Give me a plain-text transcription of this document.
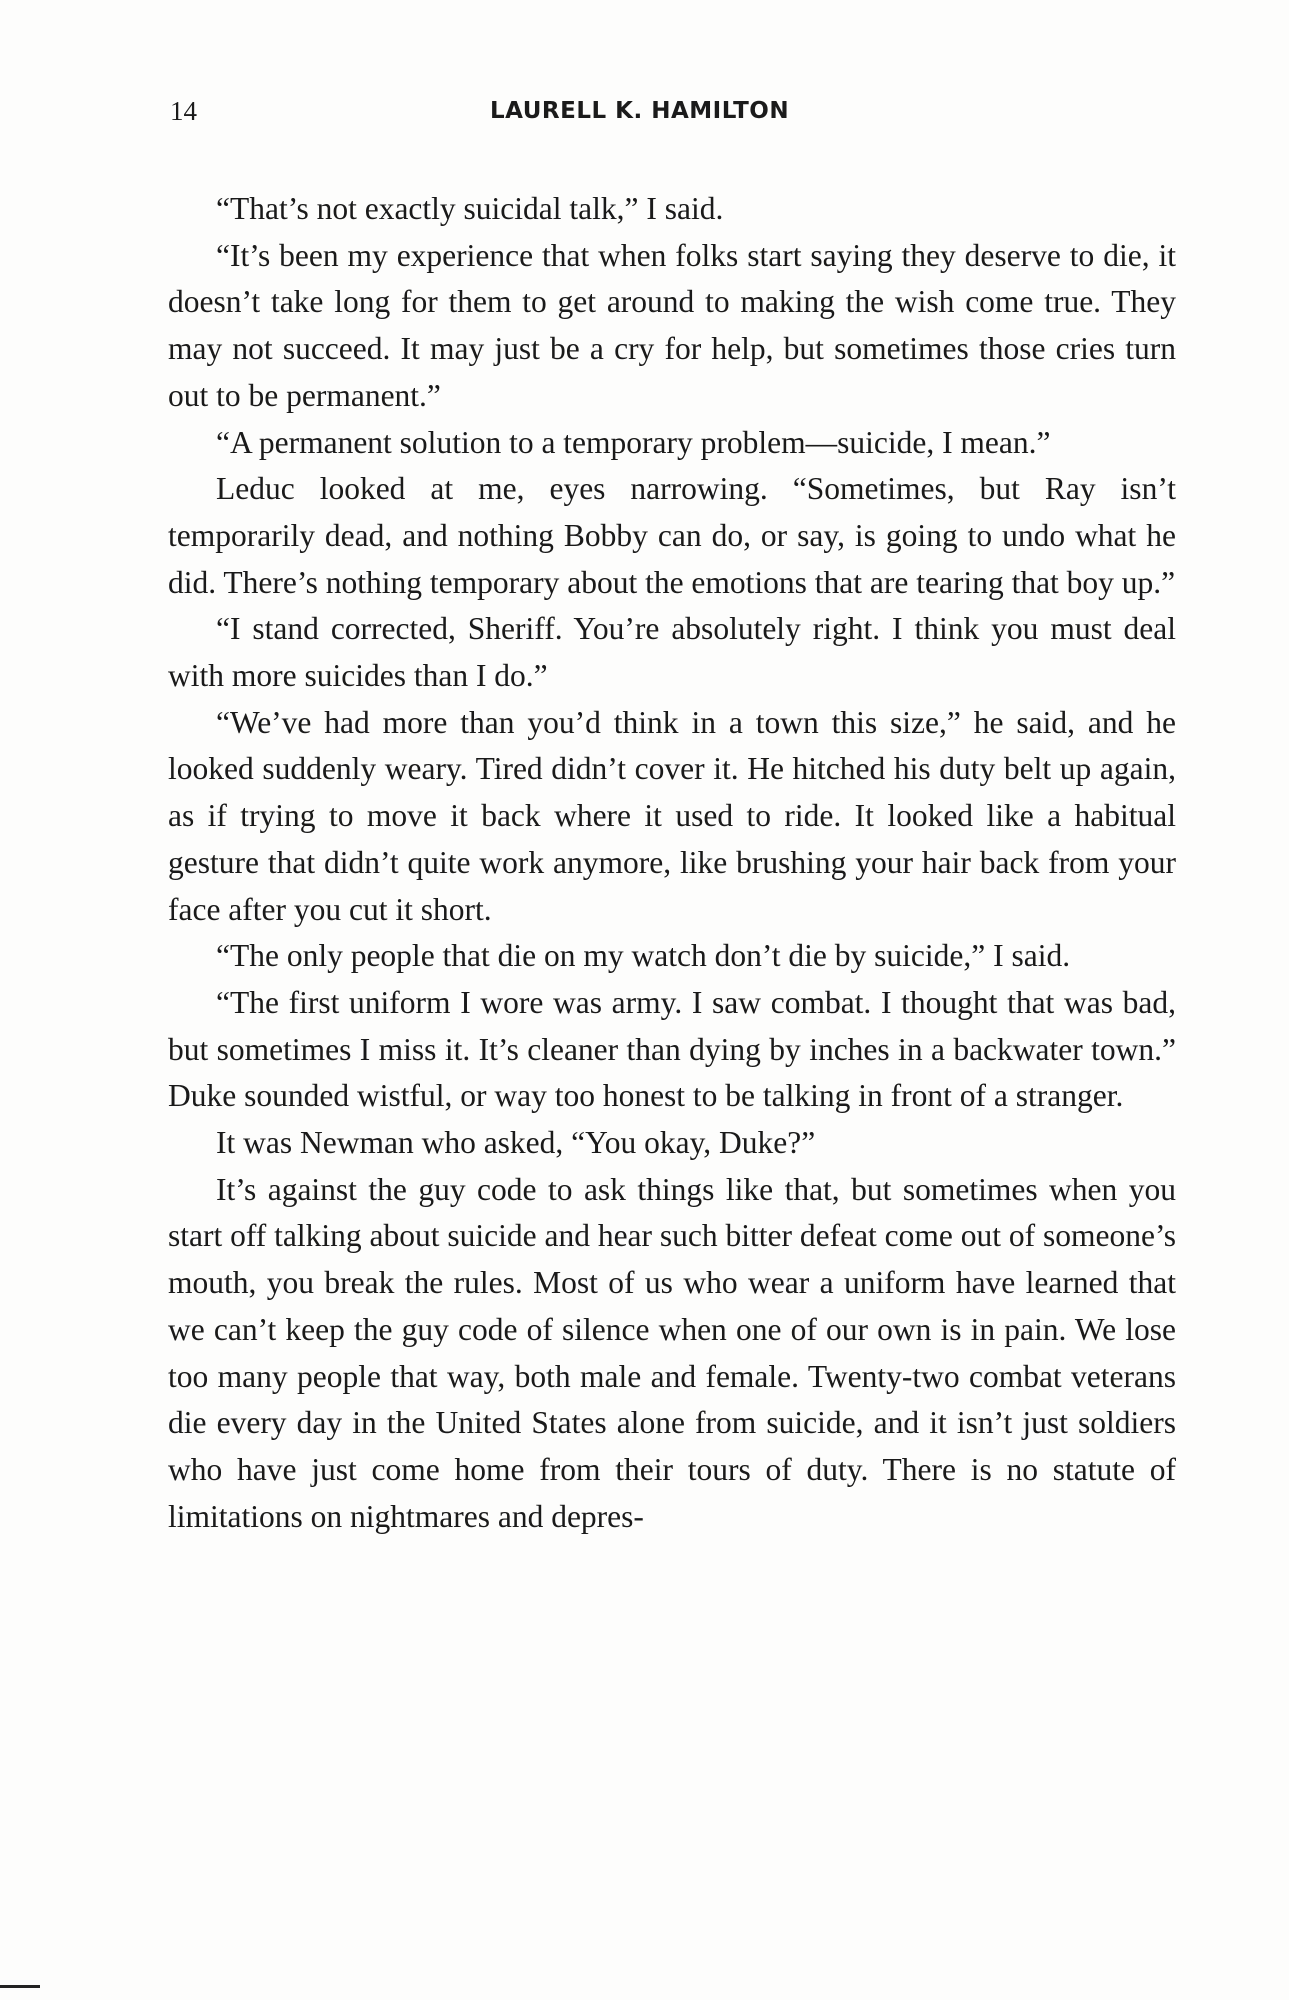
14	LAURELL K. HAMILTON

“That’s not exactly suicidal talk,” I said.

“It’s been my experience that when folks start saying they deserve to die, it doesn’t take long for them to get around to making the wish come true. They may not succeed. It may just be a cry for help, but sometimes those cries turn out to be permanent.”

“A permanent solution to a temporary problem—suicide, I mean.”

Leduc looked at me, eyes narrowing. “Sometimes, but Ray isn’t temporarily dead, and nothing Bobby can do, or say, is going to undo what he did. There’s nothing temporary about the emotions that are tearing that boy up.”

“I stand corrected, Sheriff. You’re absolutely right. I think you must deal with more suicides than I do.”

“We’ve had more than you’d think in a town this size,” he said, and he looked suddenly weary. Tired didn’t cover it. He hitched his duty belt up again, as if trying to move it back where it used to ride. It looked like a habitual gesture that didn’t quite work anymore, like brushing your hair back from your face after you cut it short.

“The only people that die on my watch don’t die by suicide,” I said.

“The first uniform I wore was army. I saw combat. I thought that was bad, but sometimes I miss it. It’s cleaner than dying by inches in a backwater town.” Duke sounded wistful, or way too honest to be talking in front of a stranger.

It was Newman who asked, “You okay, Duke?”

It’s against the guy code to ask things like that, but sometimes when you start off talking about suicide and hear such bitter defeat come out of someone’s mouth, you break the rules. Most of us who wear a uniform have learned that we can’t keep the guy code of silence when one of our own is in pain. We lose too many people that way, both male and female. Twenty-two combat veterans die every day in the United States alone from suicide, and it isn’t just soldiers who have just come home from their tours of duty. There is no statute of limitations on nightmares and depres-
